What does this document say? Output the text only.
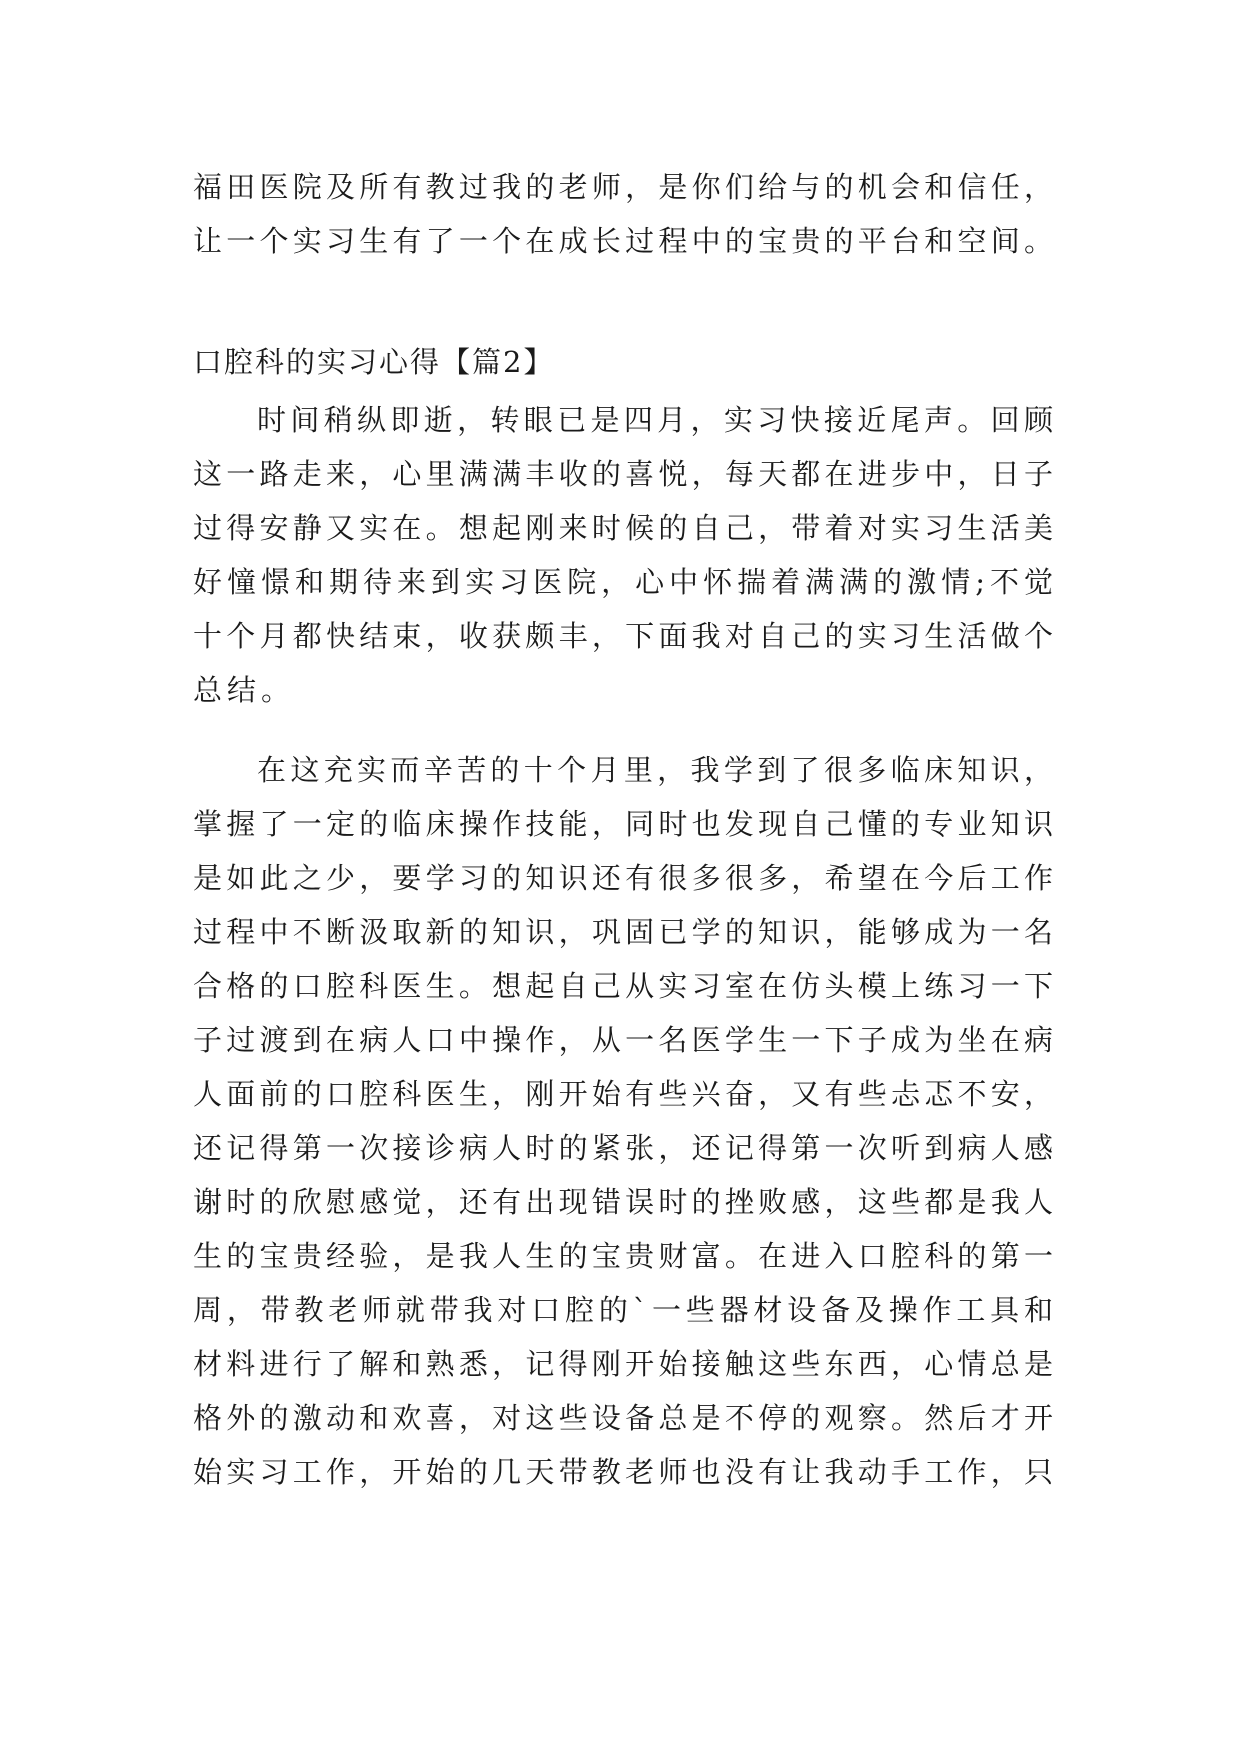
福田医院及所有教过我的老师，是你们给与的机会和信任，
让一个实习生有了一个在成长过程中的宝贵的平台和空间。
口腔科的实习心得【篇2】
时间稍纵即逝，转眼已是四月，实习快接近尾声。回顾
这一路走来，心里满满丰收的喜悦，每天都在进步中，日子
过得安静又实在。想起刚来时候的自己，带着对实习生活美
好憧憬和期待来到实习医院，心中怀揣着满满的激情;不觉
十个月都快结束，收获颇丰，下面我对自己的实习生活做个
总结。
在这充实而辛苦的十个月里，我学到了很多临床知识，
掌握了一定的临床操作技能，同时也发现自己懂的专业知识
是如此之少，要学习的知识还有很多很多，希望在今后工作
过程中不断汲取新的知识，巩固已学的知识，能够成为一名
合格的口腔科医生。想起自己从实习室在仿头模上练习一下
子过渡到在病人口中操作，从一名医学生一下子成为坐在病
人面前的口腔科医生，刚开始有些兴奋，又有些忐忑不安，
还记得第一次接诊病人时的紧张，还记得第一次听到病人感
谢时的欣慰感觉，还有出现错误时的挫败感，这些都是我人
生的宝贵经验，是我人生的宝贵财富。在进入口腔科的第一
周，带教老师就带我对口腔的`一些器材设备及操作工具和
材料进行了解和熟悉，记得刚开始接触这些东西，心情总是
格外的激动和欢喜，对这些设备总是不停的观察。然后才开
始实习工作，开始的几天带教老师也没有让我动手工作，只
